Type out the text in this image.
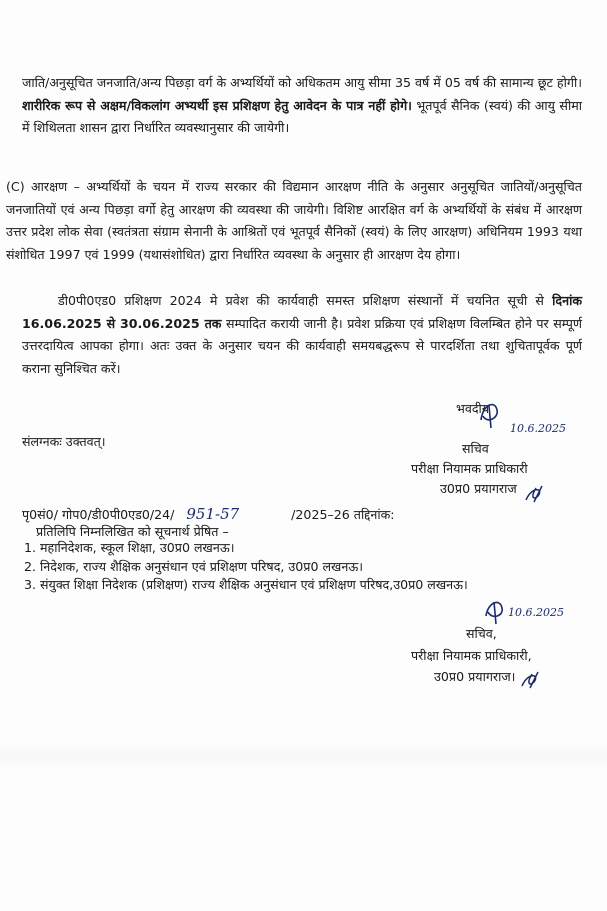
जाति/अनुसूचित जनजाति/अन्य पिछड़ा वर्ग के अभ्यर्थियों को अधिकतम आयु सीमा 35 वर्ष में 05 वर्ष की सामान्य छूट होगी। शारीरिक रूप से अक्षम/विकलांग अभ्यर्थी इस प्रशिक्षण हेतु आवेदन के पात्र नहीं होगे। भूतपूर्व सैनिक (स्वयं) की आयु सीमा में शिथिलता शासन द्वारा निर्धारित व्यवस्थानुसार की जायेगी।

(C) आरक्षण – अभ्यर्थियों के चयन में राज्य सरकार की विद्यमान आरक्षण नीति के अनुसार अनुसूचित जातियों/अनुसूचित जनजातियों एवं अन्य पिछड़ा वर्गो हेतु आरक्षण की व्यवस्था की जायेगी। विशिष्ट आरक्षित वर्ग के अभ्यर्थियों के संबंध में आरक्षण उत्तर प्रदेश लोक सेवा (स्वतंत्रता संग्राम सेनानी के आश्रितों एवं भूतपूर्व सैनिकों (स्वयं) के लिए आरक्षण) अधिनियम 1993 यथा संशोधित 1997 एवं 1999 (यथासंशोधित) द्वारा निर्धारित व्यवस्था के अनुसार ही आरक्षण देय होगा।

डी0पी0एड0 प्रशिक्षण 2024 मे प्रवेश की कार्यवाही समस्त प्रशिक्षण संस्थानों में चयनित सूची से दिनांक 16.06.2025 से 30.06.2025 तक सम्पादित करायी जानी है। प्रवेश प्रक्रिया एवं प्रशिक्षण विलम्बित होने पर सम्पूर्ण उत्तरदायित्व आपका होगा। अतः उक्त के अनुसार चयन की कार्यवाही समयबद्धरूप से पारदर्शिता तथा शुचितापूर्वक पूर्ण कराना सुनिश्चित करें।

भवदीय
10.6.2025
सचिव
परीक्षा नियामक प्राधिकारी
उ0प्र0 प्रयागराज
संलग्नकः उक्तवत्।
पृ0सं0/ गोप0/डी0पी0एड0/24/ 951-57	/2025–26 तद्दिनांक:
प्रतिलिपि निम्नलिखित को सूचनार्थ प्रेषित –
1. महानिदेशक, स्कूल शिक्षा, उ0प्र0 लखनऊ।
2. निदेशक, राज्य शैक्षिक अनुसंधान एवं प्रशिक्षण परिषद, उ0प्र0 लखनऊ।
3. संयुक्त शिक्षा निदेशक (प्रशिक्षण) राज्य शैक्षिक अनुसंधान एवं प्रशिक्षण परिषद,उ0प्र0 लखनऊ।
10.6.2025
सचिव,
परीक्षा नियामक प्राधिकारी,
उ0प्र0 प्रयागराज।
